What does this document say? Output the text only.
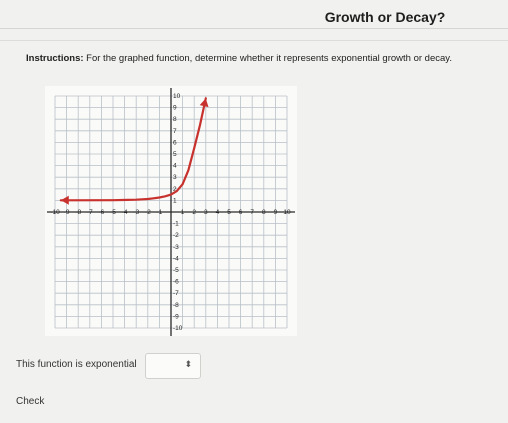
Growth or Decay?
Instructions: For the graphed function, determine whether it represents exponential growth or decay.
-10 -9 -8 -7 -6 -5 -4 -3 -2 -1	1 2 3 4 5 6 7 8 9 10
10
9
8
7
6
5
4
3
2
1
-1
-2
-3
-4
-5
-6
-7
-8
-9
-10
This function is exponential	⬍
Check
